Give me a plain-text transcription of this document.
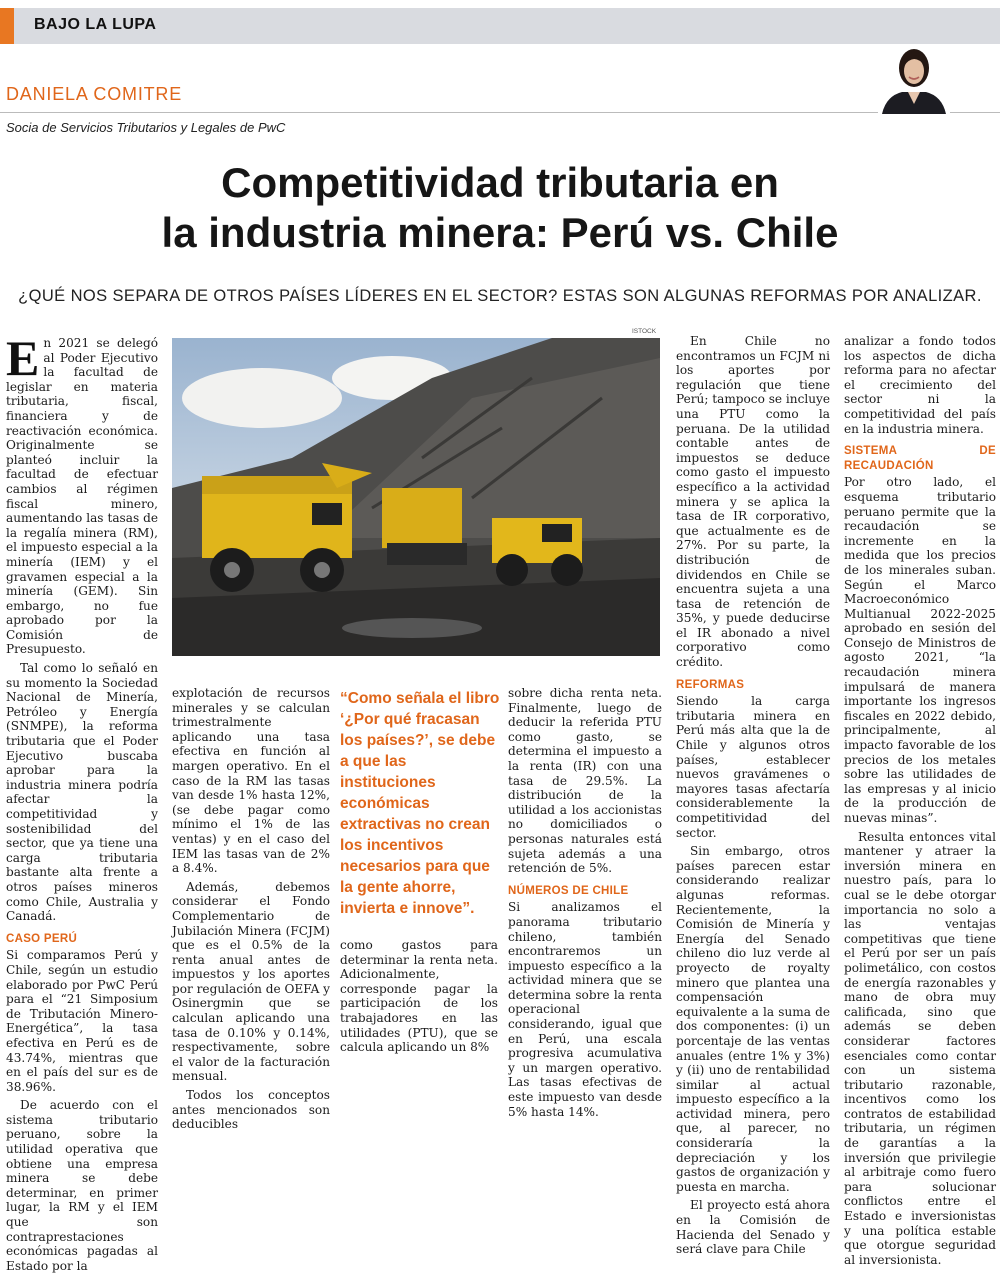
BAJO LA LUPA
DANIELA COMITRE
Socia de Servicios Tributarios y Legales de PwC
Competitividad tributaria en
la industria minera: Perú vs. Chile
¿QUÉ NOS SEPARA DE OTROS PAÍSES LÍDERES EN EL SECTOR? ESTAS SON ALGUNAS REFORMAS POR ANALIZAR.

En 2021 se delegó al Poder Ejecutivo la facultad de legislar en materia tributaria, fiscal, financiera y de reactivación económica. Originalmente se planteó incluir la facultad de efectuar cambios al régimen fiscal minero, aumentando las tasas de la regalía minera (RM), el impuesto especial a la minería (IEM) y el gravamen especial a la minería (GEM). Sin embargo, no fue aprobado por la Comisión de Presupuesto.

Tal como lo señaló en su momento la Sociedad Nacional de Minería, Petróleo y Energía (SNMPE), la reforma tributaria que el Poder Ejecutivo buscaba aprobar para la industria minera podría afectar la competitividad y sostenibilidad del sector, que ya tiene una carga tributaria bastante alta frente a otros países mineros como Chile, Australia y Canadá.

CASO PERÚ

Si comparamos Perú y Chile, según un estudio elaborado por PwC Perú para el “21 Simposium de Tributación Minero-Energética”, la tasa efectiva en Perú es de 43.74%, mientras que en el país del sur es de 38.96%.

De acuerdo con el sistema tributario peruano, sobre la utilidad operativa que obtiene una empresa minera se debe determinar, en primer lugar, la RM y el IEM que son contraprestaciones económicas pagadas al Estado por la

ISTOCK

explotación de recursos minerales y se calculan trimestralmente aplicando una tasa efectiva en función al margen operativo. En el caso de la RM las tasas van desde 1% hasta 12%, (se debe pagar como mínimo el 1% de las ventas) y en el caso del IEM las tasas van de 2% a 8.4%.

Además, debemos considerar el Fondo Complementario de Jubilación Minera (FCJM) que es el 0.5% de la renta anual antes de impuestos y los aportes por regulación de OEFA y Osinergmin que se calculan aplicando una tasa de 0.10% y 0.14%, respectivamente, sobre el valor de la facturación mensual.

Todos los conceptos antes mencionados son deducibles

“Como señala el libro ‘¿Por qué fracasan los países?’, se debe a que las instituciones económicas extractivas no crean los incentivos necesarios para que la gente ahorre, invierta e innove”.

como gastos para determinar la renta neta. Adicionalmente, corresponde pagar la participación de los trabajadores en las utilidades (PTU), que se calcula aplicando un 8%

sobre dicha renta neta. Finalmente, luego de deducir la referida PTU como gasto, se determina el impuesto a la renta (IR) con una tasa de 29.5%. La distribución de la utilidad a los accionistas no domiciliados o personas naturales está sujeta además a una retención de 5%.

NÚMEROS DE CHILE

Si analizamos el panorama tributario chileno, también encontraremos un impuesto específico a la actividad minera que se determina sobre la renta operacional considerando, igual que en Perú, una escala progresiva acumulativa y un margen operativo. Las tasas efectivas de este impuesto van desde 5% hasta 14%.

En Chile no encontramos un FCJM ni los aportes por regulación que tiene Perú; tampoco se incluye una PTU como la peruana. De la utilidad contable antes de impuestos se deduce como gasto el impuesto específico a la actividad minera y se aplica la tasa de IR corporativo, que actualmente es de 27%. Por su parte, la distribución de dividendos en Chile se encuentra sujeta a una tasa de retención de 35%, y puede deducirse el IR abonado a nivel corporativo como crédito.

REFORMAS

Siendo la carga tributaria minera en Perú más alta que la de Chile y algunos otros países, establecer nuevos gravámenes o mayores tasas afectaría considerablemente la competitividad del sector.

Sin embargo, otros países parecen estar considerando realizar algunas reformas. Recientemente, la Comisión de Minería y Energía del Senado chileno dio luz verde al proyecto de royalty minero que plantea una compensación equivalente a la suma de dos componentes: (i) un porcentaje de las ventas anuales (entre 1% y 3%) y (ii) uno de rentabilidad similar al actual impuesto específico a la actividad minera, pero que, al parecer, no consideraría la depreciación y los gastos de organización y puesta en marcha.

El proyecto está ahora en la Comisión de Hacienda del Senado y será clave para Chile

analizar a fondo todos los aspectos de dicha reforma para no afectar el crecimiento del sector ni la competitividad del país en la industria minera.

SISTEMA DE RECAUDACIÓN

Por otro lado, el esquema tributario peruano permite que la recaudación se incremente en la medida que los precios de los minerales suban. Según el Marco Macroeconómico Multianual 2022-2025 aprobado en sesión del Consejo de Ministros de agosto 2021, “la recaudación minera impulsará de manera importante los ingresos fiscales en 2022 debido, principalmente, al impacto favorable de los precios de los metales sobre las utilidades de las empresas y al inicio de la producción de nuevas minas”.

Resulta entonces vital mantener y atraer la inversión minera en nuestro país, para lo cual se le debe otorgar importancia no solo a las ventajas competitivas que tiene el Perú por ser un país polimetálico, con costos de energía razonables y mano de obra muy calificada, sino que además se deben considerar factores esenciales como contar con un sistema tributario razonable, incentivos como los contratos de estabilidad tributaria, un régimen de garantías a la inversión que privilegie al arbitraje como fuero para solucionar conflictos entre el Estado e inversionistas y una política estable que otorgue seguridad al inversionista.
